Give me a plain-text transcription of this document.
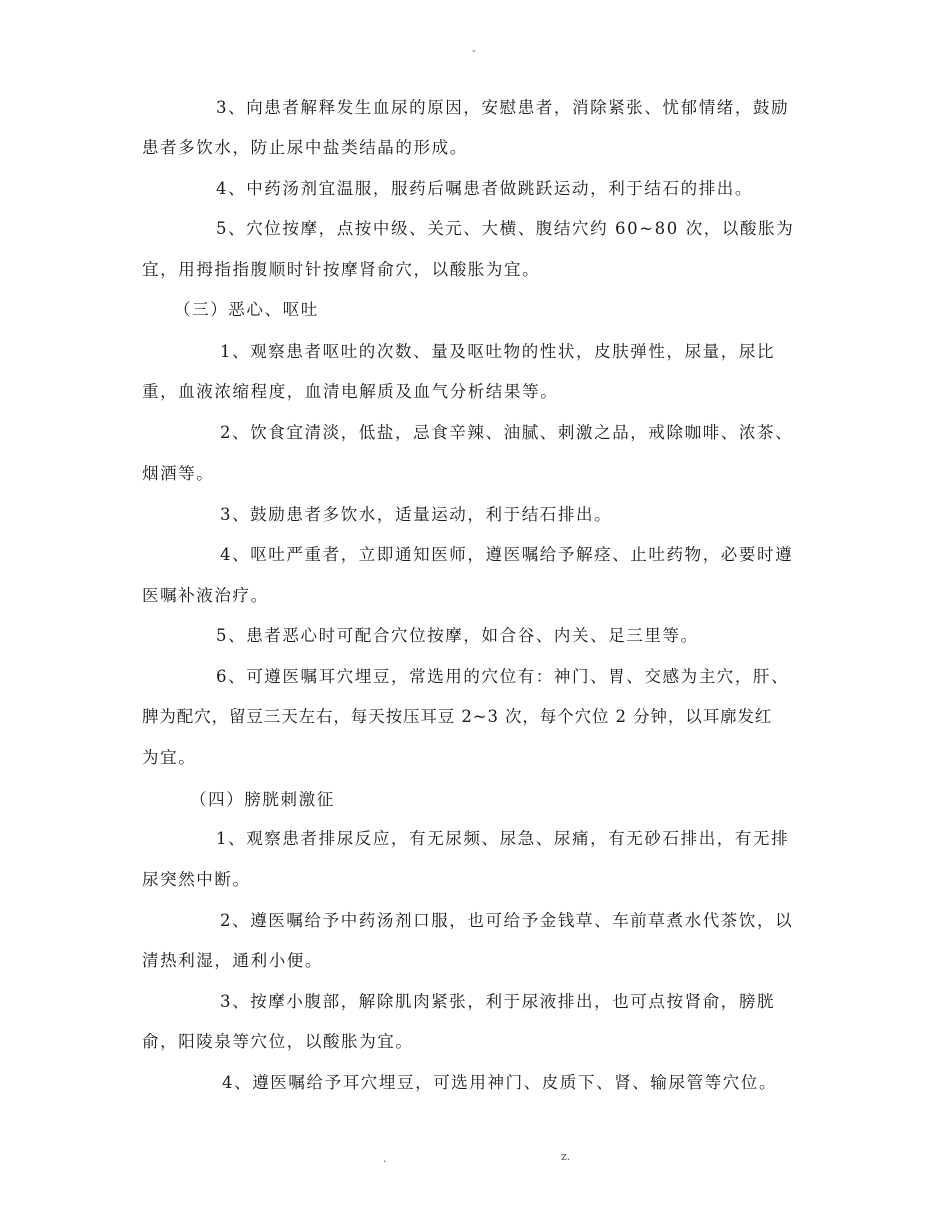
-
3、向患者解释发生血尿的原因，安慰患者，消除紧张、忧郁情绪，鼓励
患者多饮水，防止尿中盐类结晶的形成。
4、中药汤剂宜温服，服药后嘱患者做跳跃运动，利于结石的排出。
5、穴位按摩，点按中级、关元、大横、腹结穴约 60~80 次，以酸胀为
宜，用拇指指腹顺时针按摩肾俞穴，以酸胀为宜。
（三）恶心、呕吐
1、观察患者呕吐的次数、量及呕吐物的性状，皮肤弹性，尿量，尿比
重，血液浓缩程度，血清电解质及血气分析结果等。
2、饮食宜清淡，低盐，忌食辛辣、油腻、刺激之品，戒除咖啡、浓茶、
烟酒等。
3、鼓励患者多饮水，适量运动，利于结石排出。
4、呕吐严重者，立即通知医师，遵医嘱给予解痉、止吐药物，必要时遵
医嘱补液治疗。
5、患者恶心时可配合穴位按摩，如合谷、内关、足三里等。
6、可遵医嘱耳穴埋豆，常选用的穴位有：神门、胃、交感为主穴，肝、
脾为配穴，留豆三天左右，每天按压耳豆 2~3 次，每个穴位 2 分钟，以耳廓发红
为宜。
（四）膀胱刺激征
1、观察患者排尿反应，有无尿频、尿急、尿痛，有无砂石排出，有无排
尿突然中断。
2、遵医嘱给予中药汤剂口服，也可给予金钱草、车前草煮水代茶饮，以
清热利湿，通利小便。
3、按摩小腹部，解除肌肉紧张，利于尿液排出，也可点按肾俞，膀胱
俞，阳陵泉等穴位，以酸胀为宜。
4、遵医嘱给予耳穴埋豆，可选用神门、皮质下、肾、输尿管等穴位。
.	z.
